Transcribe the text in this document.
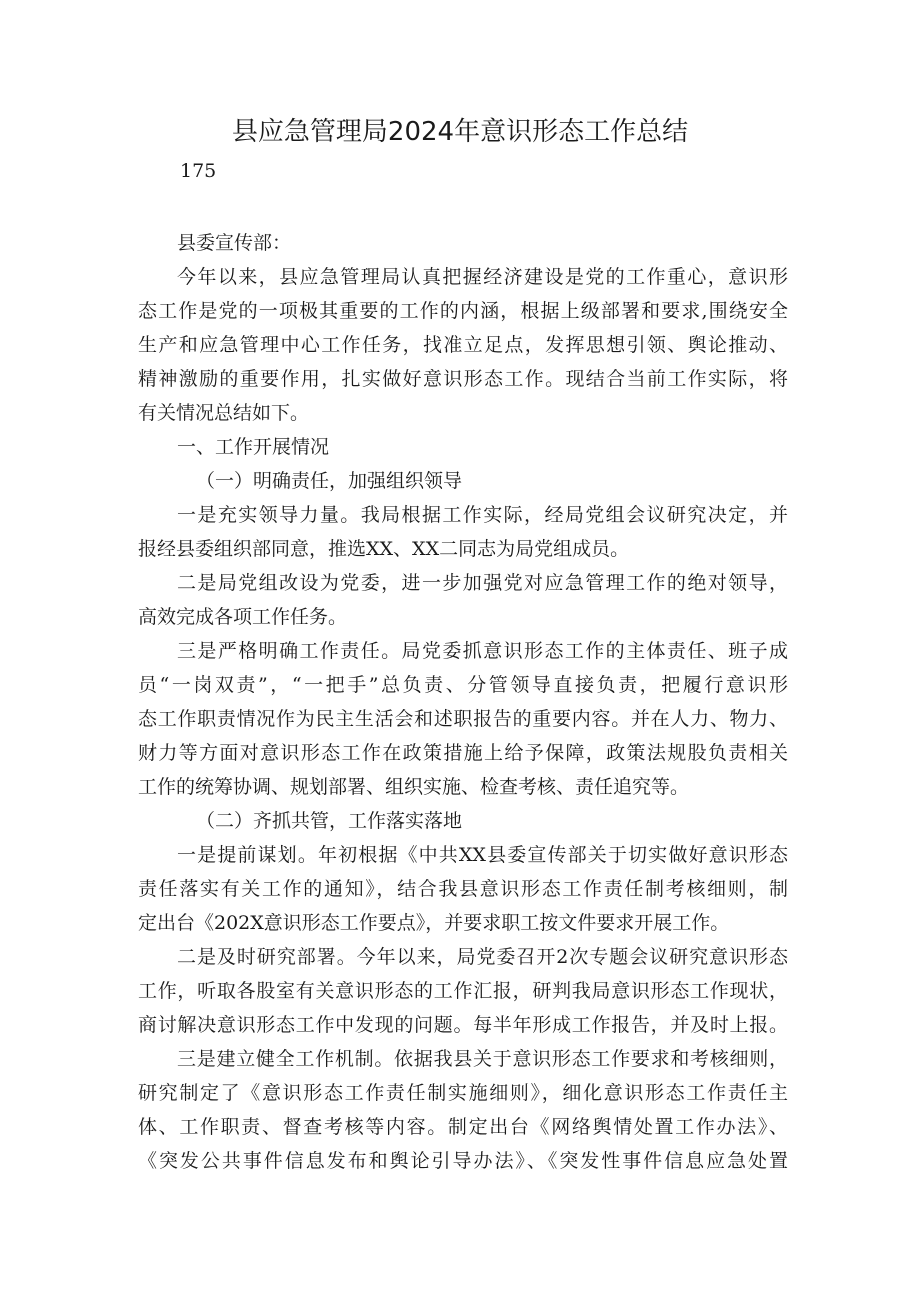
县应急管理局2024年意识形态工作总结
175
县委宣传部：
今年以来，县应急管理局认真把握经济建设是党的工作重心，意识形
态工作是党的一项极其重要的工作的内涵，根据上级部署和要求,围绕安全
生产和应急管理中心工作任务，找准立足点，发挥思想引领、舆论推动、
精神激励的重要作用，扎实做好意识形态工作。现结合当前工作实际，将
有关情况总结如下。
一、工作开展情况
（一）明确责任，加强组织领导
一是充实领导力量。我局根据工作实际，经局党组会议研究决定，并
报经县委组织部同意，推选XX、XX二同志为局党组成员。
二是局党组改设为党委，进一步加强党对应急管理工作的绝对领导，
高效完成各项工作任务。
三是严格明确工作责任。局党委抓意识形态工作的主体责任、班子成
员“一岗双责”，“一把手”总负责、分管领导直接负责，把履行意识形
态工作职责情况作为民主生活会和述职报告的重要内容。并在人力、物力、
财力等方面对意识形态工作在政策措施上给予保障，政策法规股负责相关
工作的统筹协调、规划部署、组织实施、检查考核、责任追究等。
（二）齐抓共管，工作落实落地
一是提前谋划。年初根据《中共XX县委宣传部关于切实做好意识形态
责任落实有关工作的通知》，结合我县意识形态工作责任制考核细则，制
定出台《202X意识形态工作要点》，并要求职工按文件要求开展工作。
二是及时研究部署。今年以来，局党委召开2次专题会议研究意识形态
工作，听取各股室有关意识形态的工作汇报，研判我局意识形态工作现状，
商讨解决意识形态工作中发现的问题。每半年形成工作报告，并及时上报。
三是建立健全工作机制。依据我县关于意识形态工作要求和考核细则，
研究制定了《意识形态工作责任制实施细则》，细化意识形态工作责任主
体、工作职责、督查考核等内容。制定出台《网络舆情处置工作办法》、
《突发公共事件信息发布和舆论引导办法》、《突发性事件信息应急处置
